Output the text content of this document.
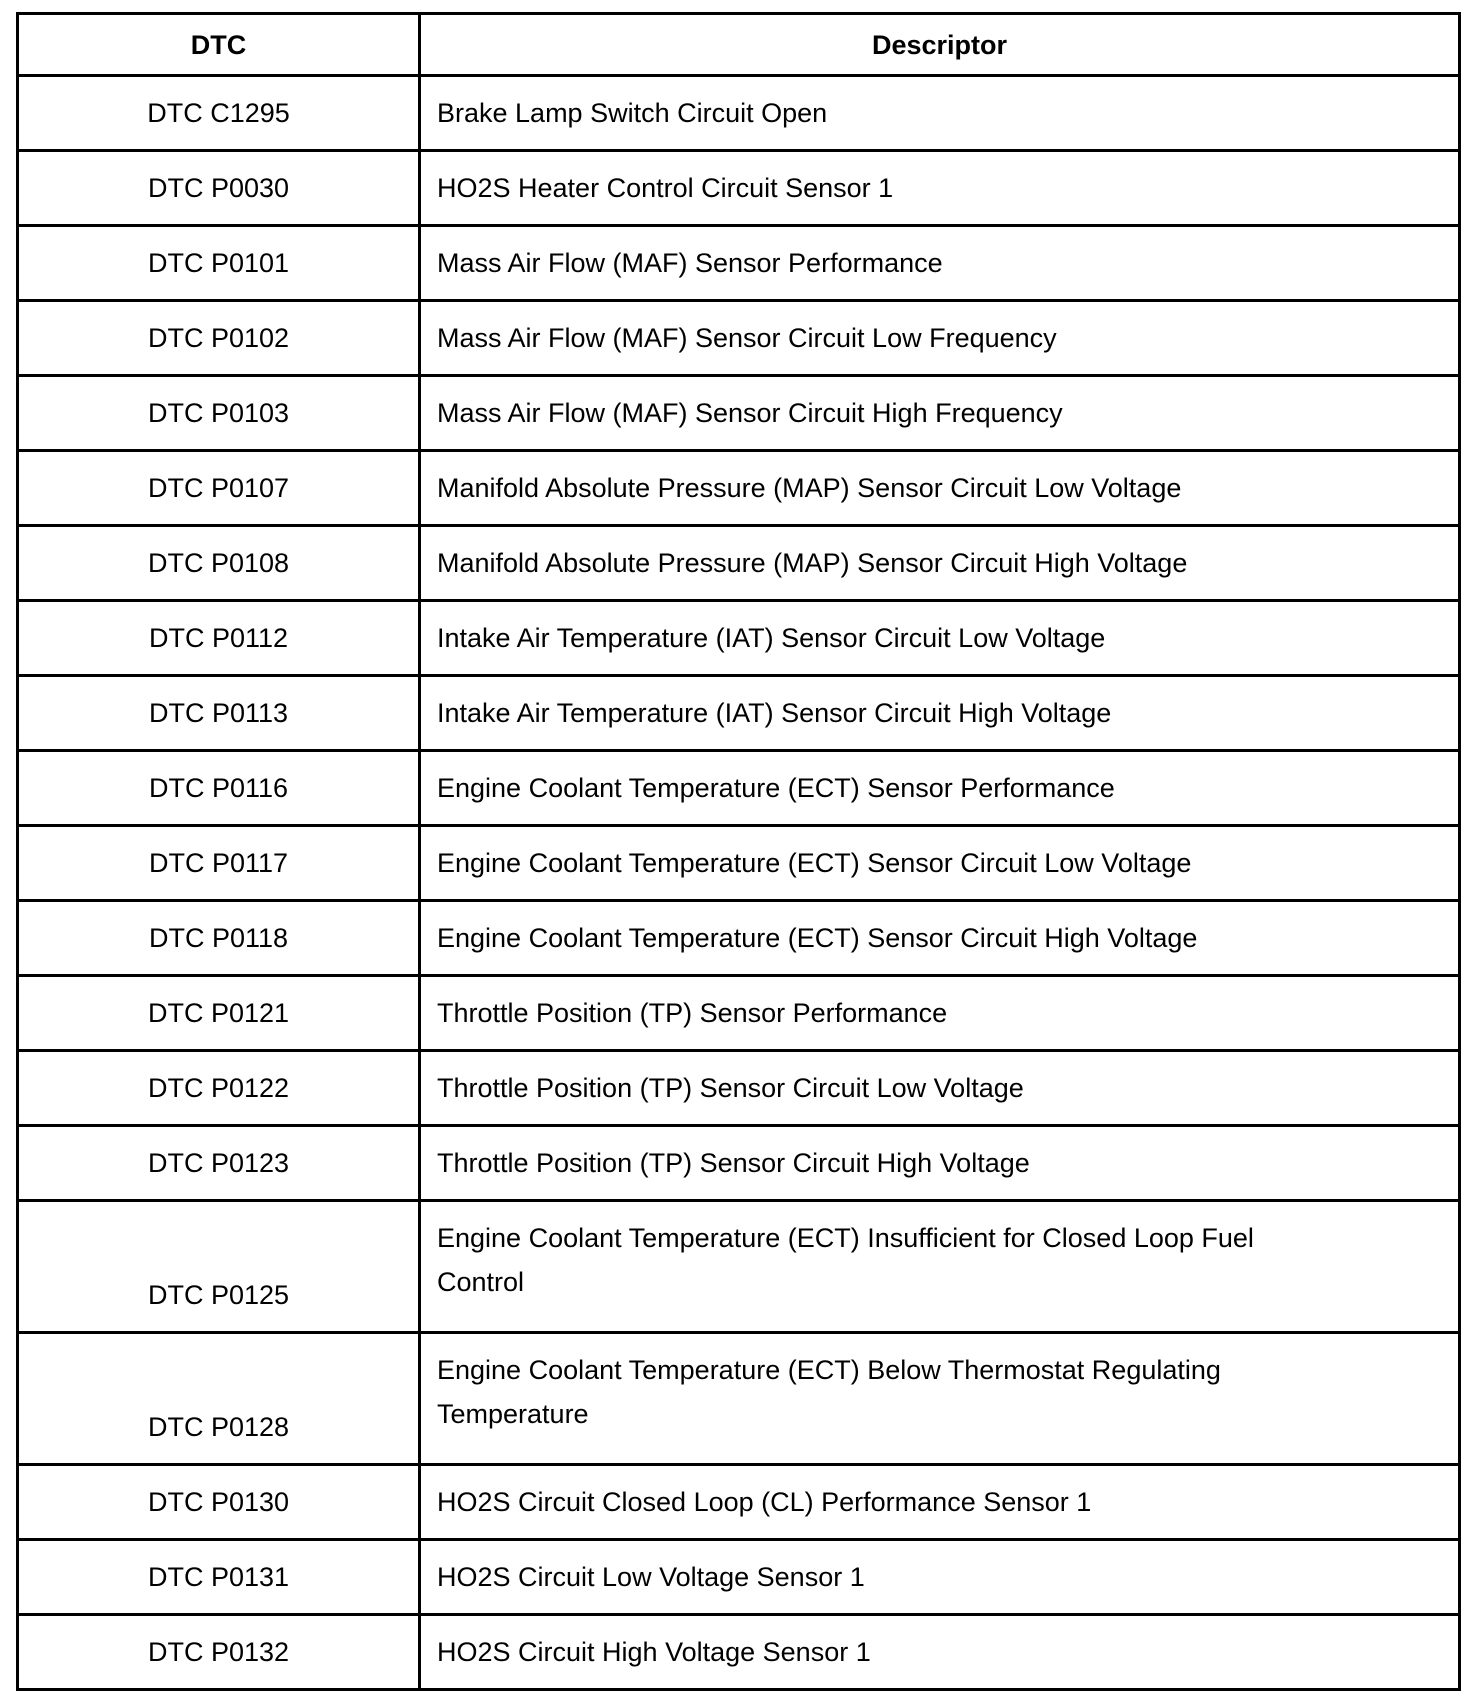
DTC	Descriptor
DTC C1295	Brake Lamp Switch Circuit Open
DTC P0030	HO2S Heater Control Circuit Sensor 1
DTC P0101	Mass Air Flow (MAF) Sensor Performance
DTC P0102	Mass Air Flow (MAF) Sensor Circuit Low Frequency
DTC P0103	Mass Air Flow (MAF) Sensor Circuit High Frequency
DTC P0107	Manifold Absolute Pressure (MAP) Sensor Circuit Low Voltage
DTC P0108	Manifold Absolute Pressure (MAP) Sensor Circuit High Voltage
DTC P0112	Intake Air Temperature (IAT) Sensor Circuit Low Voltage
DTC P0113	Intake Air Temperature (IAT) Sensor Circuit High Voltage
DTC P0116	Engine Coolant Temperature (ECT) Sensor Performance
DTC P0117	Engine Coolant Temperature (ECT) Sensor Circuit Low Voltage
DTC P0118	Engine Coolant Temperature (ECT) Sensor Circuit High Voltage
DTC P0121	Throttle Position (TP) Sensor Performance
DTC P0122	Throttle Position (TP) Sensor Circuit Low Voltage
DTC P0123	Throttle Position (TP) Sensor Circuit High Voltage
DTC P0125	Engine Coolant Temperature (ECT) Insufficient for Closed Loop Fuel Control
DTC P0128	Engine Coolant Temperature (ECT) Below Thermostat Regulating Temperature
DTC P0130	HO2S Circuit Closed Loop (CL) Performance Sensor 1
DTC P0131	HO2S Circuit Low Voltage Sensor 1
DTC P0132	HO2S Circuit High Voltage Sensor 1
